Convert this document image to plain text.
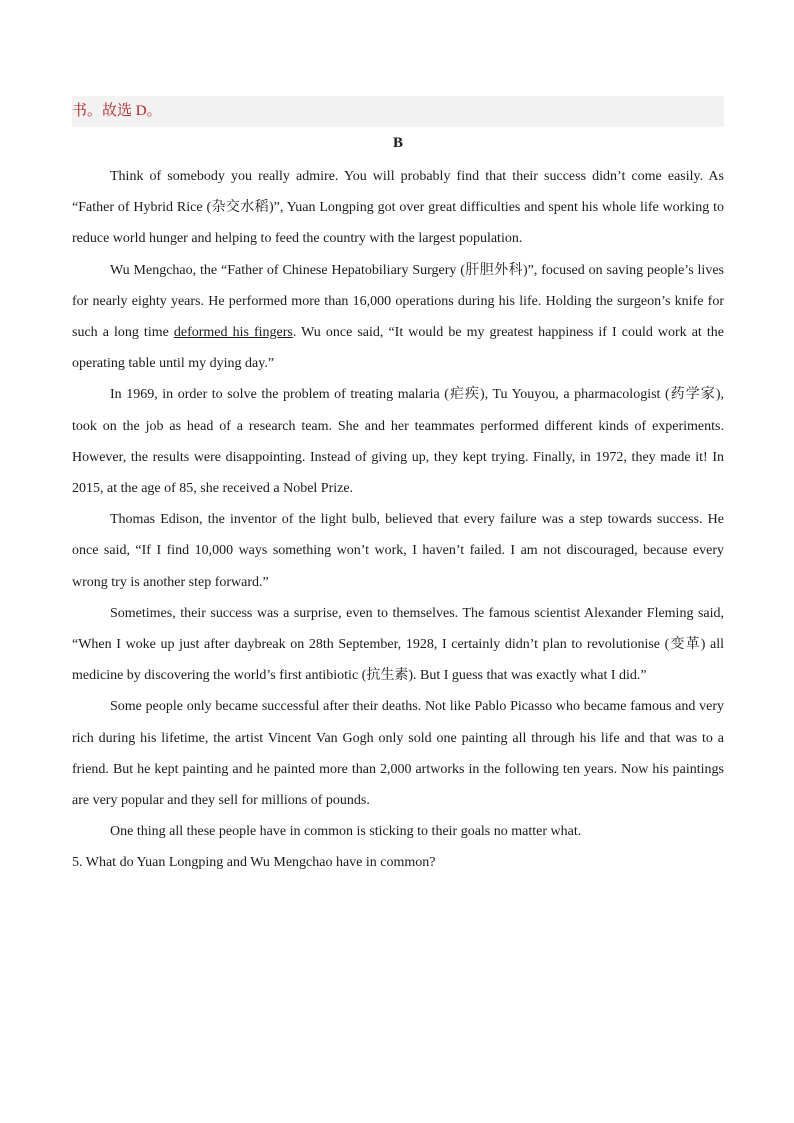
书。故选 D。
B

Think of somebody you really admire. You will probably find that their success didn’t come easily. As “Father of Hybrid Rice (杂交水稻)”, Yuan Longping got over great difficulties and spent his whole life working to reduce world hunger and helping to feed the country with the largest population.

Wu Mengchao, the “Father of Chinese Hepatobiliary Surgery (肝胆外科)”, focused on saving people’s lives for nearly eighty years. He performed more than 16,000 operations during his life. Holding the surgeon’s knife for such a long time deformed his fingers. Wu once said, “It would be my greatest happiness if I could work at the operating table until my dying day.”

In 1969, in order to solve the problem of treating malaria (疟疾), Tu Youyou, a pharmacologist (药学家), took on the job as head of a research team. She and her teammates performed different kinds of experiments. However, the results were disappointing. Instead of giving up, they kept trying. Finally, in 1972, they made it! In 2015, at the age of 85, she received a Nobel Prize.

Thomas Edison, the inventor of the light bulb, believed that every failure was a step towards success. He once said, “If I find 10,000 ways something won’t work, I haven’t failed. I am not discouraged, because every wrong try is another step forward.”

Sometimes, their success was a surprise, even to themselves. The famous scientist Alexander Fleming said, “When I woke up just after daybreak on 28th September, 1928, I certainly didn’t plan to revolutionise (变革) all medicine by discovering the world’s first antibiotic (抗生素). But I guess that was exactly what I did.”

Some people only became successful after their deaths. Not like Pablo Picasso who became famous and very rich during his lifetime, the artist Vincent Van Gogh only sold one painting all through his life and that was to a friend. But he kept painting and he painted more than 2,000 artworks in the following ten years. Now his paintings are very popular and they sell for millions of pounds.

One thing all these people have in common is sticking to their goals no matter what.

5. What do Yuan Longping and Wu Mengchao have in common?
